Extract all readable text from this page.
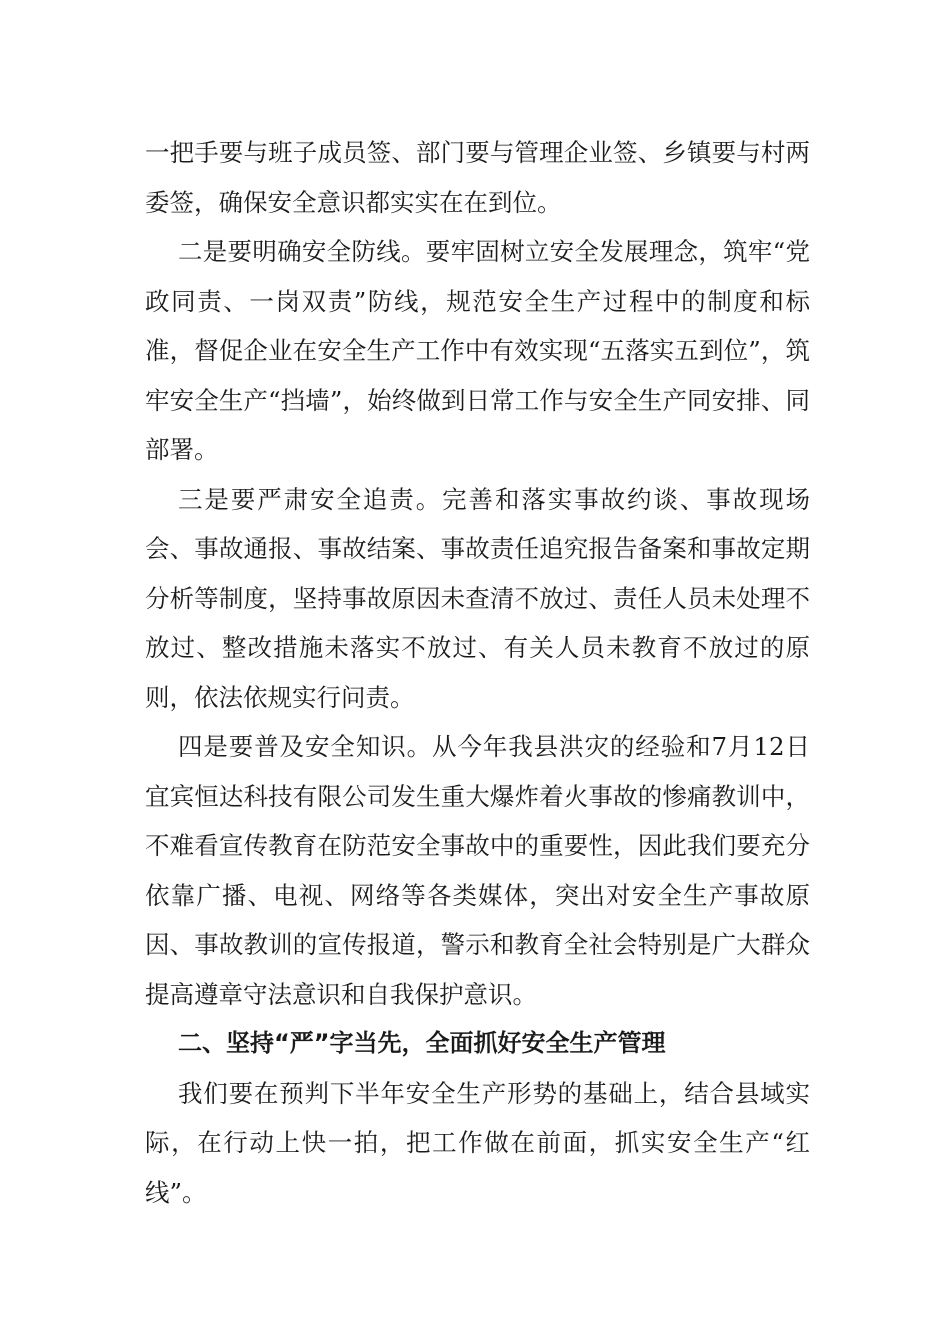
一把手要与班子成员签、部门要与管理企业签、乡镇要与村两委签，确保安全意识都实实在在到位。

二是要明确安全防线。要牢固树立安全发展理念，筑牢“党政同责、一岗双责”防线，规范安全生产过程中的制度和标准，督促企业在安全生产工作中有效实现“五落实五到位”，筑牢安全生产“挡墙”，始终做到日常工作与安全生产同安排、同部署。

三是要严肃安全追责。完善和落实事故约谈、事故现场会、事故通报、事故结案、事故责任追究报告备案和事故定期分析等制度，坚持事故原因未查清不放过、责任人员未处理不放过、整改措施未落实不放过、有关人员未教育不放过的原则，依法依规实行问责。

四是要普及安全知识。从今年我县洪灾的经验和7月12日宜宾恒达科技有限公司发生重大爆炸着火事故的惨痛教训中，不难看宣传教育在防范安全事故中的重要性，因此我们要充分依靠广播、电视、网络等各类媒体，突出对安全生产事故原因、事故教训的宣传报道，警示和教育全社会特别是广大群众提高遵章守法意识和自我保护意识。

二、坚持“严”字当先，全面抓好安全生产管理

我们要在预判下半年安全生产形势的基础上，结合县域实际，在行动上快一拍，把工作做在前面，抓实安全生产“红线”。
